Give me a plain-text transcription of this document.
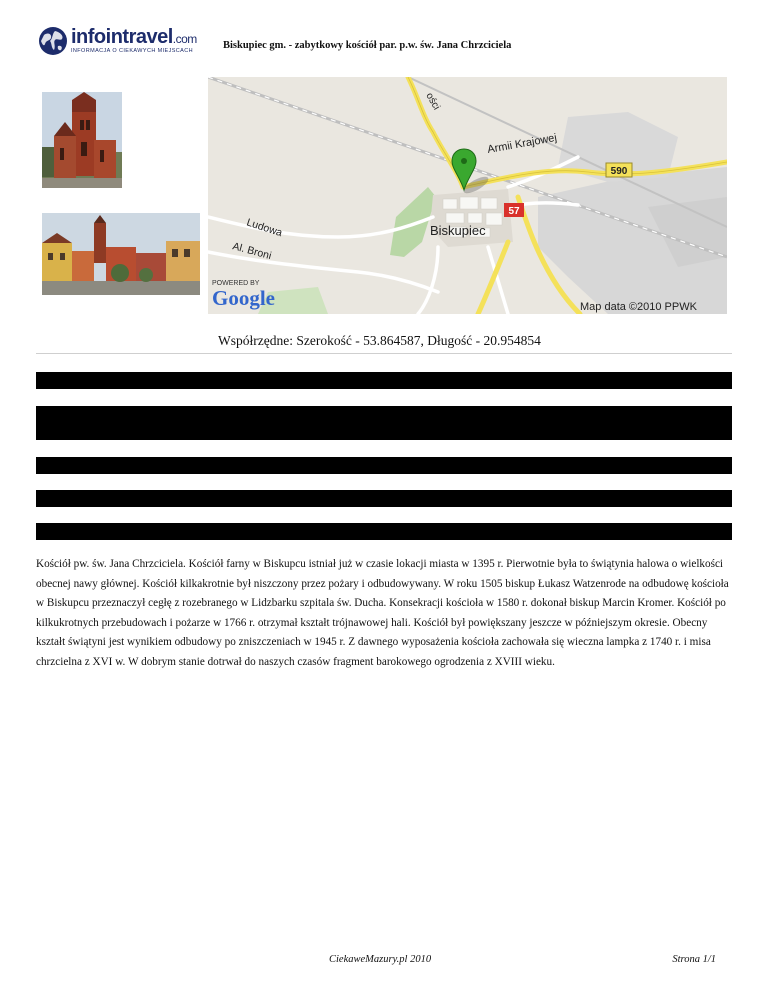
infointravel.com
INFORMACJA O CIEKAWYCH MIEJSCACH	Biskupiec gm. - zabytkowy kościół par. p.w. św. Jana Chrzciciela
590
57
Armii Krajowej
ości
Ludowa
Al. Broni
Biskupiec
POWERED BY
Google	Map data ©2010 PPWK
Współrzędne: Szerokość - 53.864587, Długość - 20.954854
Kościół pw. św. Jana Chrzciciela. Kościół farny w Biskupcu istniał już w czasie lokacji miasta w 1395 r. Pierwotnie była to świątynia halowa o wielkości obecnej nawy głównej. Kościół kilkakrotnie był niszczony przez pożary i odbudowywany. W roku 1505 biskup Łukasz Watzenrode na odbudowę kościoła w Biskupcu przeznaczył cegłę z rozebranego w Lidzbarku szpitala św. Ducha. Konsekracji kościoła w 1580 r. dokonał biskup Marcin Kromer. Kościół po kilkukrotnych przebudowach i pożarze w 1766 r. otrzymał kształt trójnawowej hali. Kościół był powiększany jeszcze w późniejszym okresie. Obecny kształt świątyni jest wynikiem odbudowy po zniszczeniach w 1945 r. Z dawnego wyposażenia kościoła zachowała się wieczna lampka z 1740 r. i misa chrzcielna z XVI w. W dobrym stanie dotrwał do naszych czasów fragment barokowego ogrodzenia z XVIII wieku.
CiekaweMazury.pl 2010	Strona 1/1
